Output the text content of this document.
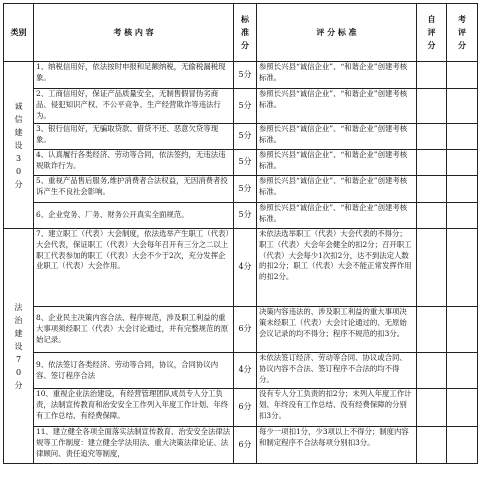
类别	考 核 内 容	标准分	评 分 标 准	自评分	考评分
诚信建设30分	1、纳税信用好，依法按时申报和足额纳税，无偷税漏税现象。	5分	参照长兴县“诚信企业”、“和谐企业”创建考核标准。		
	2、工商信用好，保证产品质量安全，无制售假冒伪劣商品、侵犯知识产权、不公平竞争、生产经营欺诈等违法行为。	5分	参照长兴县“诚信企业”、“和谐企业”创建考核标准。		
	3、银行信用好，无骗取贷款、借贷不还、恶意欠贷等现象。	5分	参照长兴县“诚信企业”、“和谐企业”创建考核标准。		
	4、认真履行各类经济、劳动等合同，依法签约，无违法违规欺诈行为。	5分	参照长兴县“诚信企业”、“和谐企业”创建考核标准。		
	5、重视产品售后服务,维护消费者合法权益，无因消费者投诉产生不良社会影响。	5分	参照长兴县“诚信企业”、“和谐企业”创建考核标准。		
	6、企业党务、厂务、财务公开真实全面规范。	5分	参照长兴县“诚信企业”、“和谐企业”创建考核标准。		
法治建设70分	7、建立职工（代表）大会制度，依法选举产生职工（代表）大会代表，保证职工（代表）大会每年召开有三分之二以上职工代表参加的职工（代表）大会不少于2次，充分发挥企业职工（代表）大会作用。	4分	未依法选举职工（代表）大会代表的不得分；职工（代表）大会年会健全的扣2分；召开职工（代表）大会每少1次扣2分，达不到法定人数的扣2分；职工（代表）大会不能正常发挥作用的扣2分。		
	8、企业民主决策内容合法、程序规范，涉及职工利益的重大事项须经职工（代表）大会讨论通过，并有完整规范的原始记录。	6分	决策内容违法的、涉及职工利益的重大事项决策未经职工（代表）大会讨论通过的、无原始会议记录的均不得分；程序不规范的扣3分。		
	9、依法签订各类经济、劳动等合同，协议，合同协议内容、签订程序合法	4分	未依法签订经济、劳动等合同、协议或合同、协议内容不合法、签订程序不合法的均不得分。		
	10、重视企业法治建设，有经营管理团队成员专人分工负责，法制宣传教育和治安安全工作列入年度工作计划、年终有工作总结、有经费保障。	6分	没有专人分工负责的扣2分；未列入年度工作计划、年终没有工作总结、没有经费保障的分别扣3分。		
	11、建立健全各项全面落实法制宣传教育、治安安全法律法规等工作制度：建立健全学法用法、重大决策法律论证、法律顾问、责任追究等制度，	6分	每少一项扣1分，少3项以上不得分；制度内容和制定程序不合法每项分别扣3分。		
